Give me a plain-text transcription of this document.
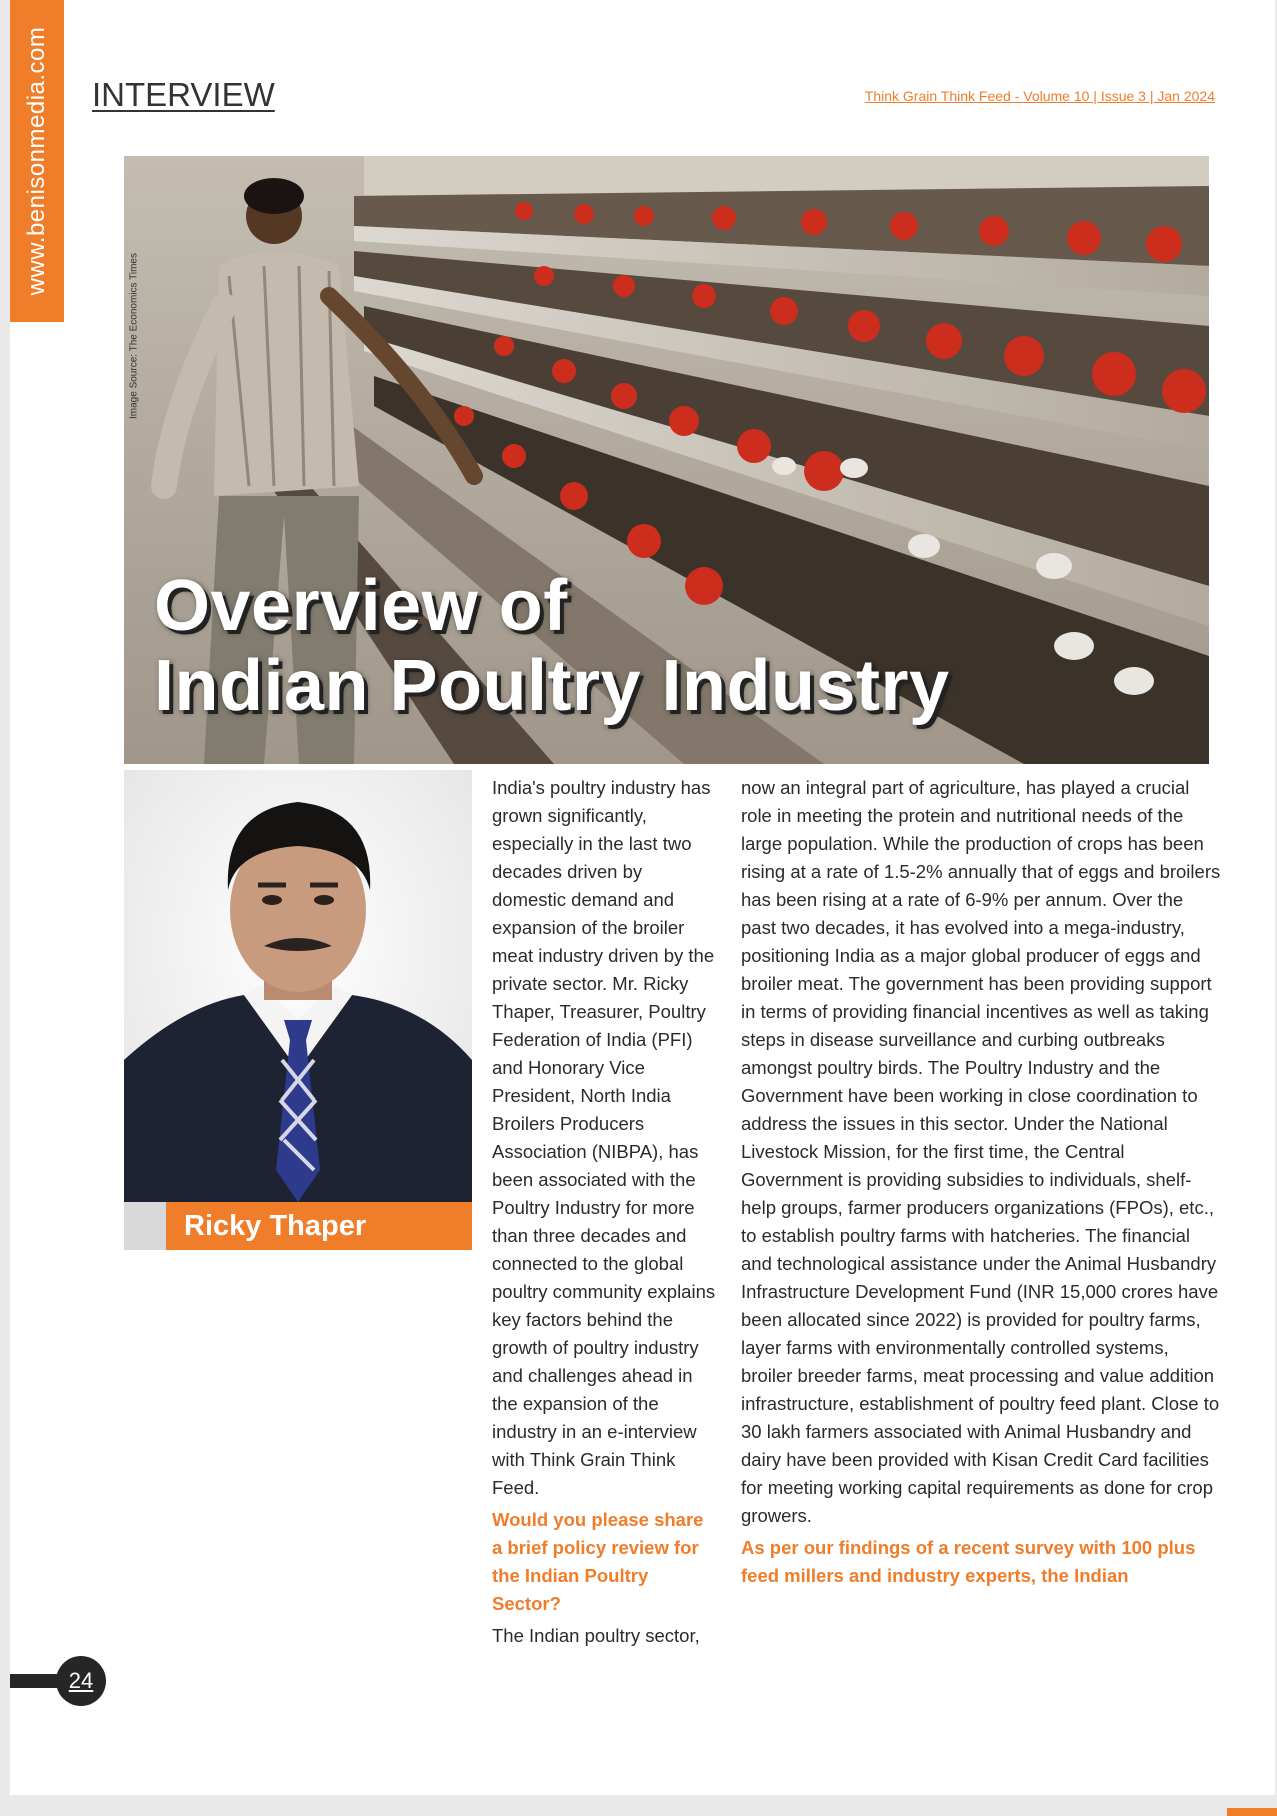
www.benisonmedia.com INTERVIEW	Think Grain Think Feed - Volume 10 | Issue 3 | Jan 2024
Image Source: The Economics Times
Overview of
Indian Poultry Industry
Ricky Thaper

India's poultry industry has grown significantly, especially in the last two decades driven by domestic demand and expansion of the broiler meat industry driven by the private sector. Mr. Ricky Thaper, Treasurer, Poultry Federation of India (PFI) and Honorary Vice President, North India Broilers Producers Association (NIBPA), has been associated with the Poultry Industry for more than three decades and connected to the global poultry community explains key factors behind the growth of poultry industry and challenges ahead in the expansion of the industry in an e-interview with Think Grain Think Feed.

Would you please share a brief policy review for the Indian Poultry Sector?

The Indian poultry sector,

now an integral part of agriculture, has played a crucial role in meeting the protein and nutritional needs of the large population. While the production of crops has been rising at a rate of 1.5-2% annually that of eggs and broilers has been rising at a rate of 6-9% per annum. Over the past two decades, it has evolved into a mega-industry, positioning India as a major global producer of eggs and broiler meat. The government has been providing support in terms of providing financial incentives as well as taking steps in disease surveillance and curbing outbreaks amongst poultry birds. The Poultry Industry and the Government have been working in close coordination to address the issues in this sector. Under the National Livestock Mission, for the first time, the Central Government is providing subsidies to individuals, shelf-help groups, farmer producers organizations (FPOs), etc., to establish poultry farms with hatcheries. The financial and technological assistance under the Animal Husbandry Infrastructure Development Fund (INR 15,000 crores have been allocated since 2022) is provided for poultry farms, layer farms with environmentally controlled systems, broiler breeder farms, meat processing and value addition infrastructure, establishment of poultry feed plant. Close to 30 lakh farmers associated with Animal Husbandry and dairy have been provided with Kisan Credit Card facilities for meeting working capital requirements as done for crop growers.

As per our findings of a recent survey with 100 plus feed millers and industry experts, the Indian

24
